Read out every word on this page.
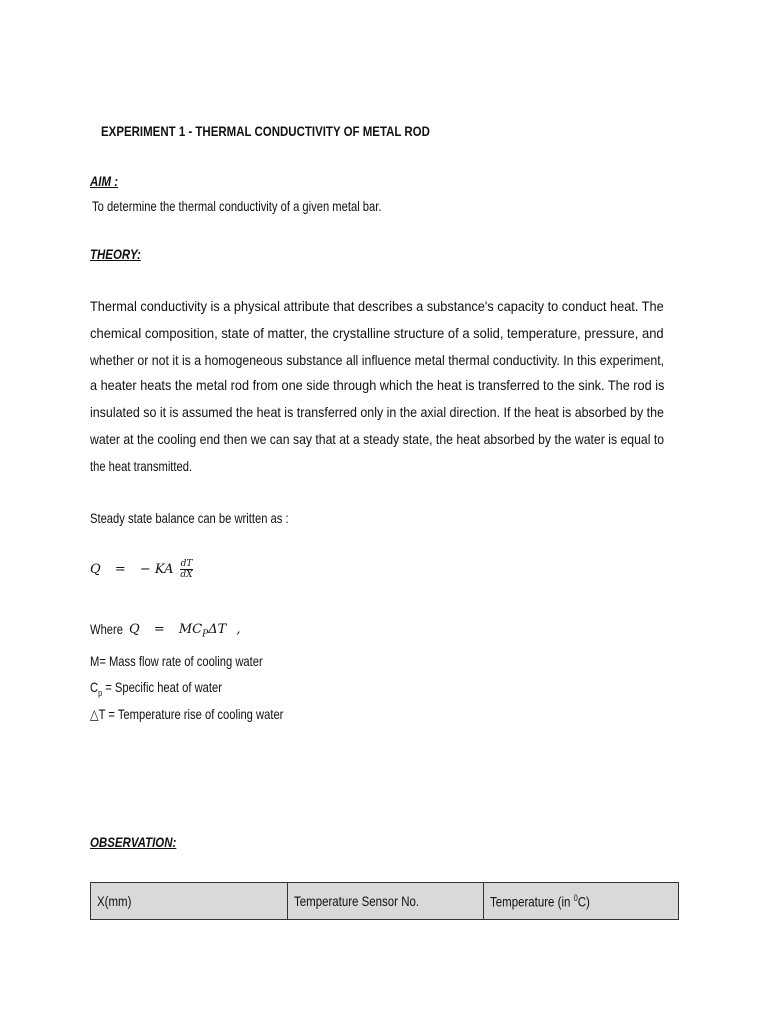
EXPERIMENT 1 - THERMAL CONDUCTIVITY OF METAL ROD
AIM :
To determine the thermal conductivity of a given metal bar.
THEORY:
Thermal conductivity is a physical attribute that describes a substance's capacity to conduct heat. The
chemical composition, state of matter, the crystalline structure of a solid, temperature, pressure, and
whether or not it is a homogeneous substance all influence metal thermal conductivity. In this experiment,
a heater heats the metal rod from one side through which the heat is transferred to the sink. The rod is
insulated so it is assumed the heat is transferred only in the axial direction. If the heat is absorbed by the
water at the cooling end then we can say that at a steady state, the heat absorbed by the water is equal to
the heat transmitted.
Steady state balance can be written as :
Q = − KA $\frac{dT}{dX}$
Where $Q = MC_P\Delta T$ ,
M= Mass flow rate of cooling water
$C_p$ = Specific heat of water
△T = Temperature rise of cooling water
OBSERVATION:
X(mm)	Temperature Sensor No.	Temperature (in $^0$C)
